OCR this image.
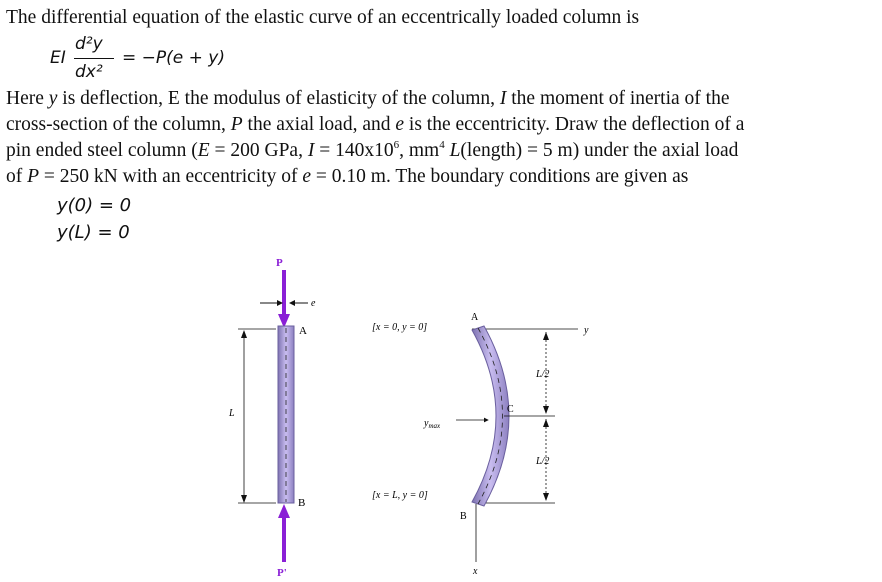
The differential equation of the elastic curve of an eccentrically loaded column is
EI
d²y
dx²
= −P(e + y)
Here y is deflection, E the modulus of elasticity of the column, I the moment of inertia of the
cross-section of the column, P the axial load, and e is the eccentricity. Draw the deflection of a
pin ended steel column (E = 200 GPa, $I = 140x10^6$, $mm^4$ L(length) = 5 m) under the axial load
of P = 250 kN with an eccentricity of e = 0.10 m. The boundary conditions are given as
y(0) = 0
y(L) = 0
P
e
A
L
B
P'
[x = 0, y = 0]
A
y
x
B
[x = L, y = 0]
C
$y_{max}$
L/2
L/2
